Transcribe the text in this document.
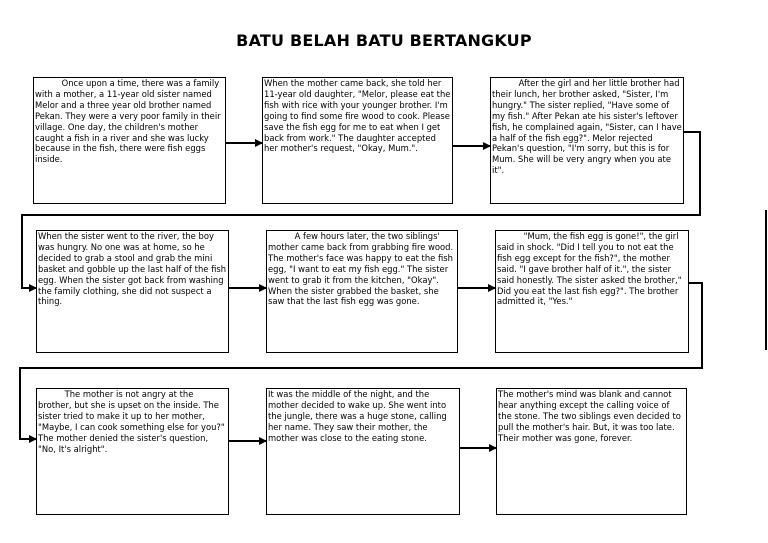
BATU BELAH BATU BERTANGKUP
Once upon a time, there was a family with a mother, a 11-year old sister named Melor and a three year old brother named Pekan. They were a very poor family in their village. One day, the children's mother caught a fish in a river and she was lucky because in the fish, there were fish eggs inside.
When the mother came back, she told her 11-year old daughter, "Melor, please eat the fish with rice with your younger brother. I'm going to find some fire wood to cook. Please save the fish egg for me to eat when I get back from work." The daughter accepted her mother's request, "Okay, Mum.".
After the girl and her little brother had their lunch, her brother asked, "Sister, I'm hungry." The sister replied, "Have some of my fish." After Pekan ate his sister's leftover fish, he complained again, "Sister, can I have a half of the fish egg?". Melor rejected Pekan's question, "I'm sorry, but this is for Mum. She will be very angry when you ate it".
When the sister went to the river, the boy was hungry. No one was at home, so he decided to grab a stool and grab the mini basket and gobble up the last half of the fish egg. When the sister got back from washing the family clothing, she did not suspect a thing.
A few hours later, the two siblings' mother came back from grabbing fire wood. The mother's face was happy to eat the fish egg, "I want to eat my fish egg." The sister went to grab it from the kitchen, "Okay". When the sister grabbed the basket, she saw that the last fish egg was gone.
"Mum, the fish egg is gone!", the girl said in shock. "Did I tell you to not eat the fish egg except for the fish?", the mother said. "I gave brother half of it.", the sister said honestly. The sister asked the brother," Did you eat the last fish egg?". The brother admitted it, "Yes."
The mother is not angry at the brother, but she is upset on the inside. The sister tried to make it up to her mother, "Maybe, I can cook something else for you?" The mother denied the sister's question, "No, It's alright".
It was the middle of the night, and the mother decided to wake up. She went into the jungle, there was a huge stone, calling her name. They saw their mother, the mother was close to the eating stone.
The mother's mind was blank and cannot hear anything except the calling voice of the stone. The two siblings even decided to pull the mother's hair. But, it was too late. Their mother was gone, forever.
